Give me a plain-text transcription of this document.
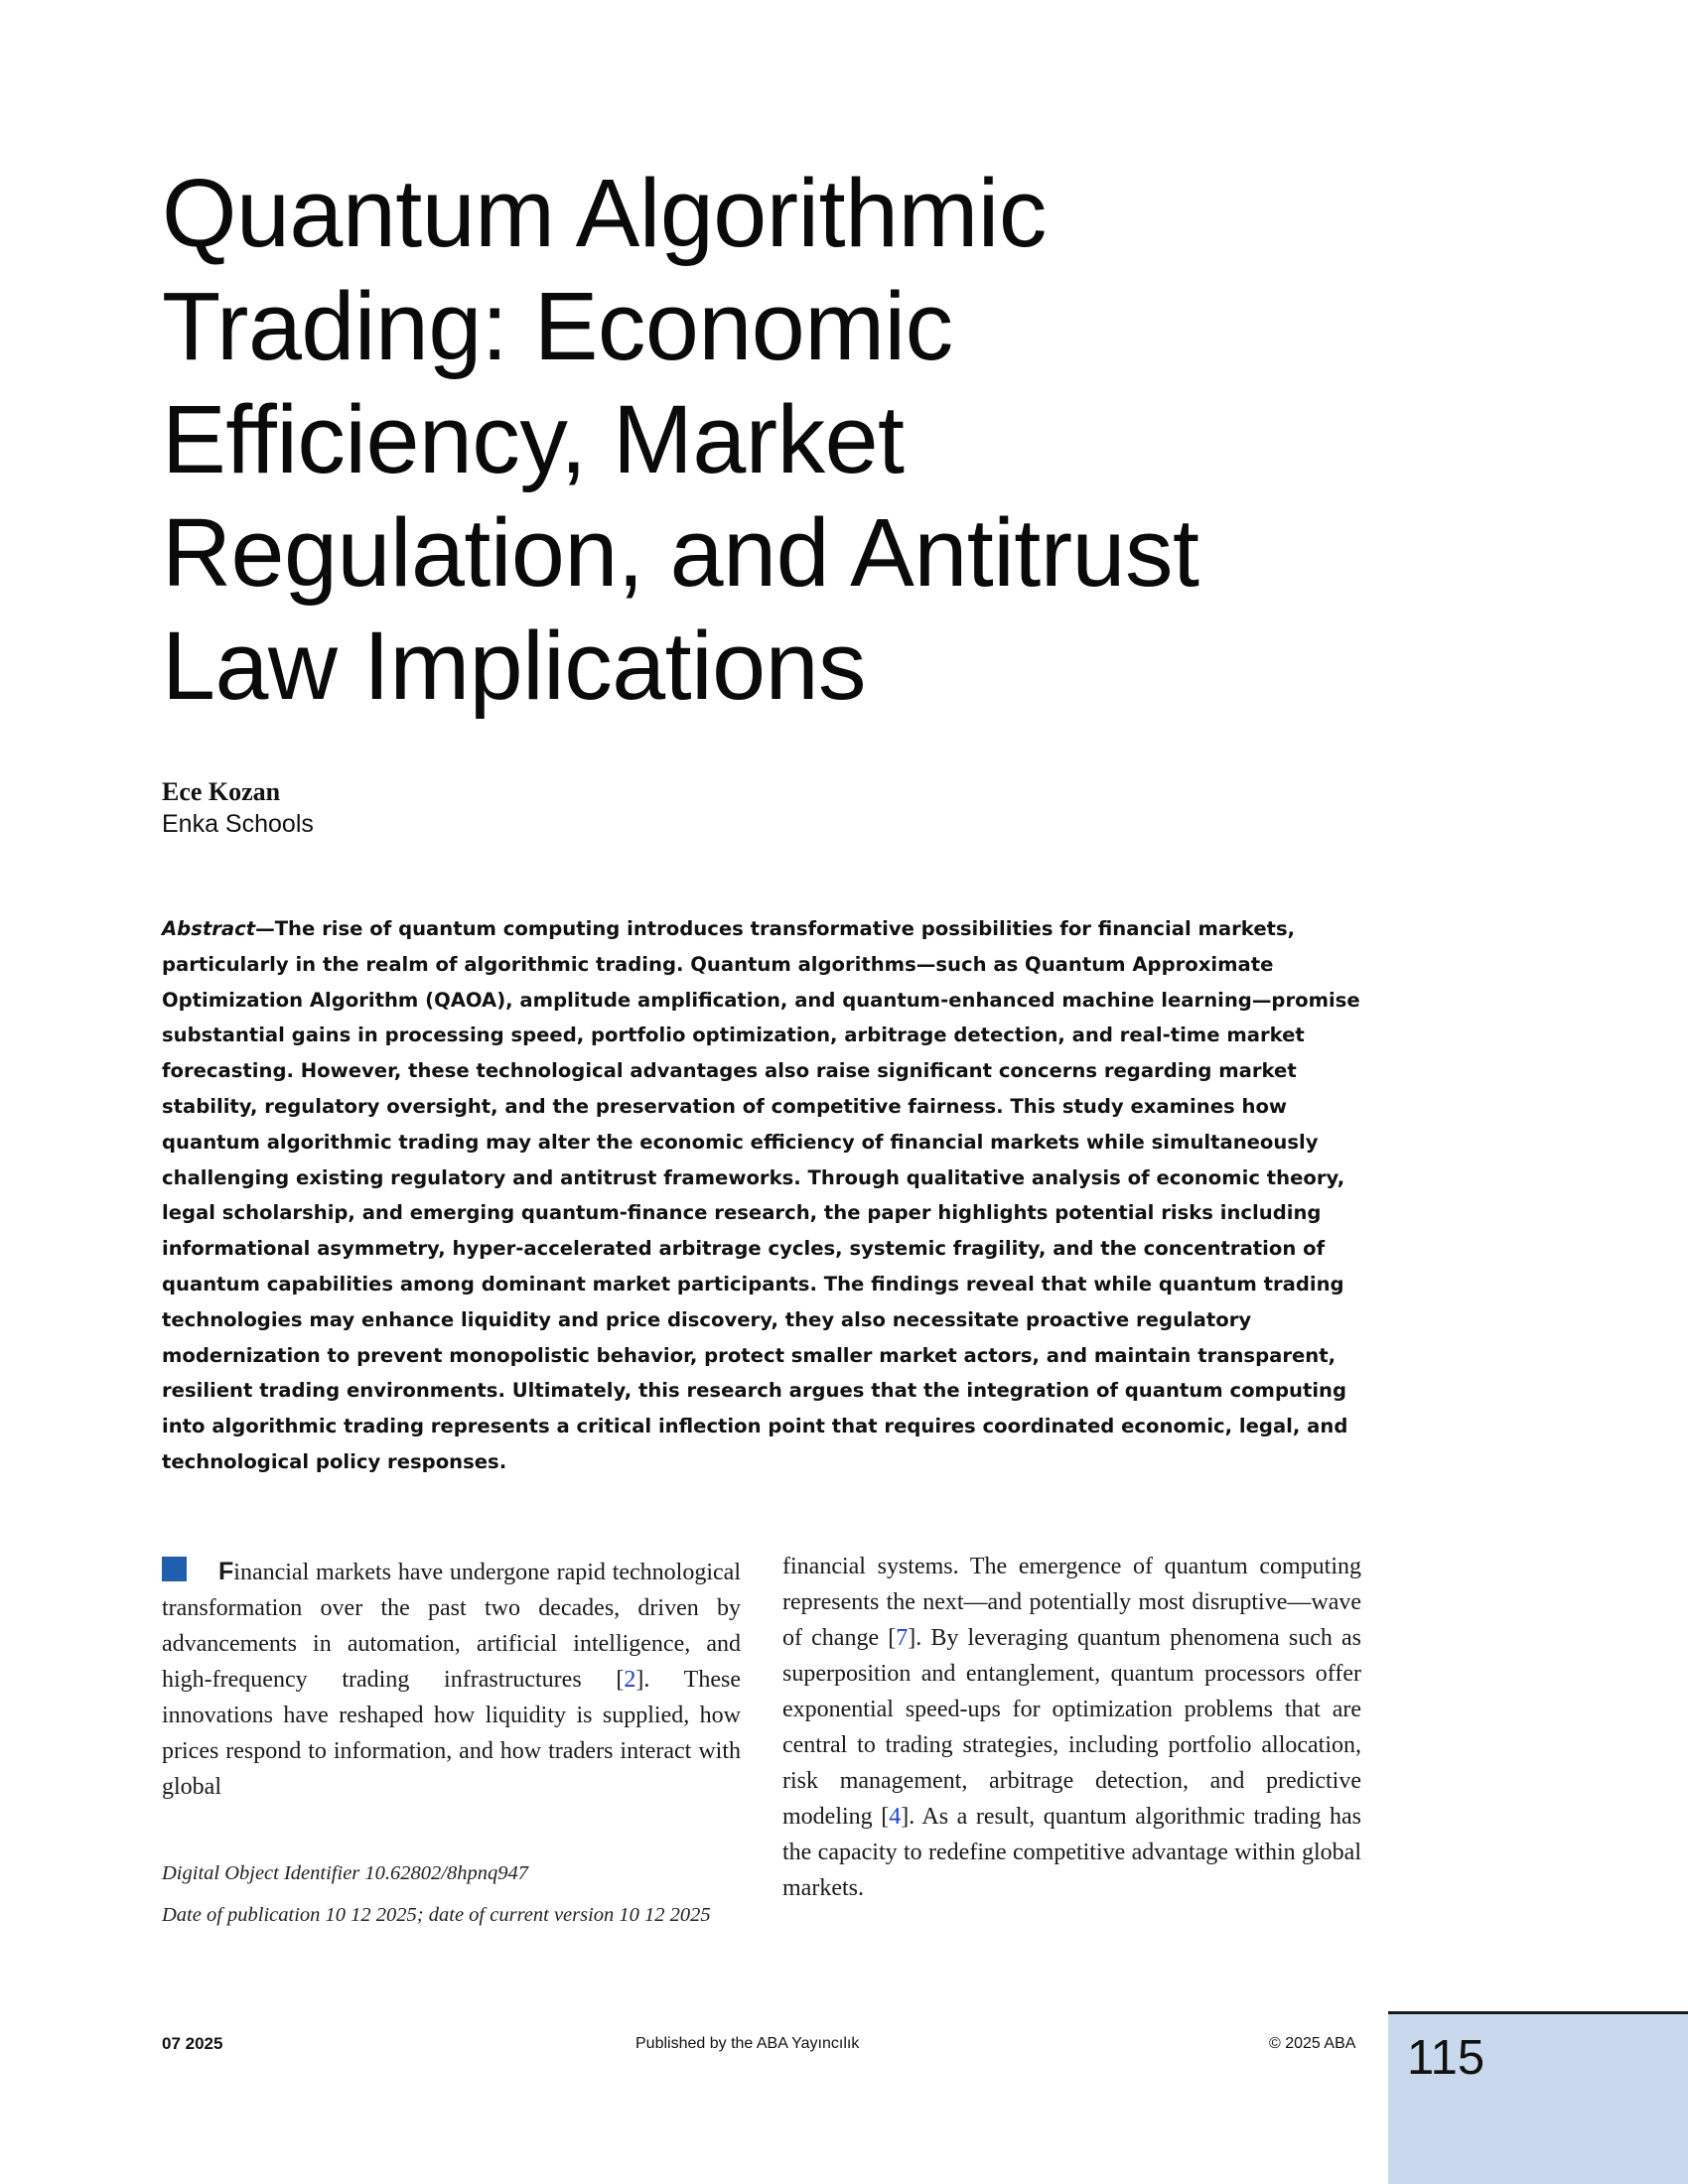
Quantum Algorithmic Trading: Economic Efficiency, Market Regulation, and Antitrust Law Implications
Ece Kozan
Enka Schools

Abstract—The rise of quantum computing introduces transformative possibilities for financial markets, particularly in the realm of algorithmic trading. Quantum algorithms—such as Quantum Approximate Optimization Algorithm (QAOA), amplitude amplification, and quantum-enhanced machine learning—promise substantial gains in processing speed, portfolio optimization, arbitrage detection, and real-time market forecasting. However, these technological advantages also raise significant concerns regarding market stability, regulatory oversight, and the preservation of competitive fairness. This study examines how quantum algorithmic trading may alter the economic efficiency of financial markets while simultaneously challenging existing regulatory and antitrust frameworks. Through qualitative analysis of economic theory, legal scholarship, and emerging quantum-finance research, the paper highlights potential risks including informational asymmetry, hyper-accelerated arbitrage cycles, systemic fragility, and the concentration of quantum capabilities among dominant market participants. The findings reveal that while quantum trading technologies may enhance liquidity and price discovery, they also necessitate proactive regulatory modernization to prevent monopolistic behavior, protect smaller market actors, and maintain transparent, resilient trading environments. Ultimately, this research argues that the integration of quantum computing into algorithmic trading represents a critical inflection point that requires coordinated economic, legal, and technological policy responses.

Financial markets have undergone rapid technological transformation over the past two decades, driven by advancements in automation, artificial intelligence, and high-frequency trading infrastructures [2]. These innovations have reshaped how liquidity is supplied, how prices respond to information, and how traders interact with global

Digital Object Identifier 10.62802/8hpnq947

Date of publication 10 12 2025; date of current version 10 12 2025

financial systems. The emergence of quantum computing represents the next—and potentially most disruptive—wave of change [7]. By leveraging quantum phenomena such as superposition and entanglement, quantum processors offer exponential speed-ups for optimization problems that are central to trading strategies, including portfolio allocation, risk management, arbitrage detection, and predictive modeling [4]. As a result, quantum algorithmic trading has the capacity to redefine competitive advantage within global markets.

07 2025	Published by the ABA Yayıncılık	© 2025 ABA 115
